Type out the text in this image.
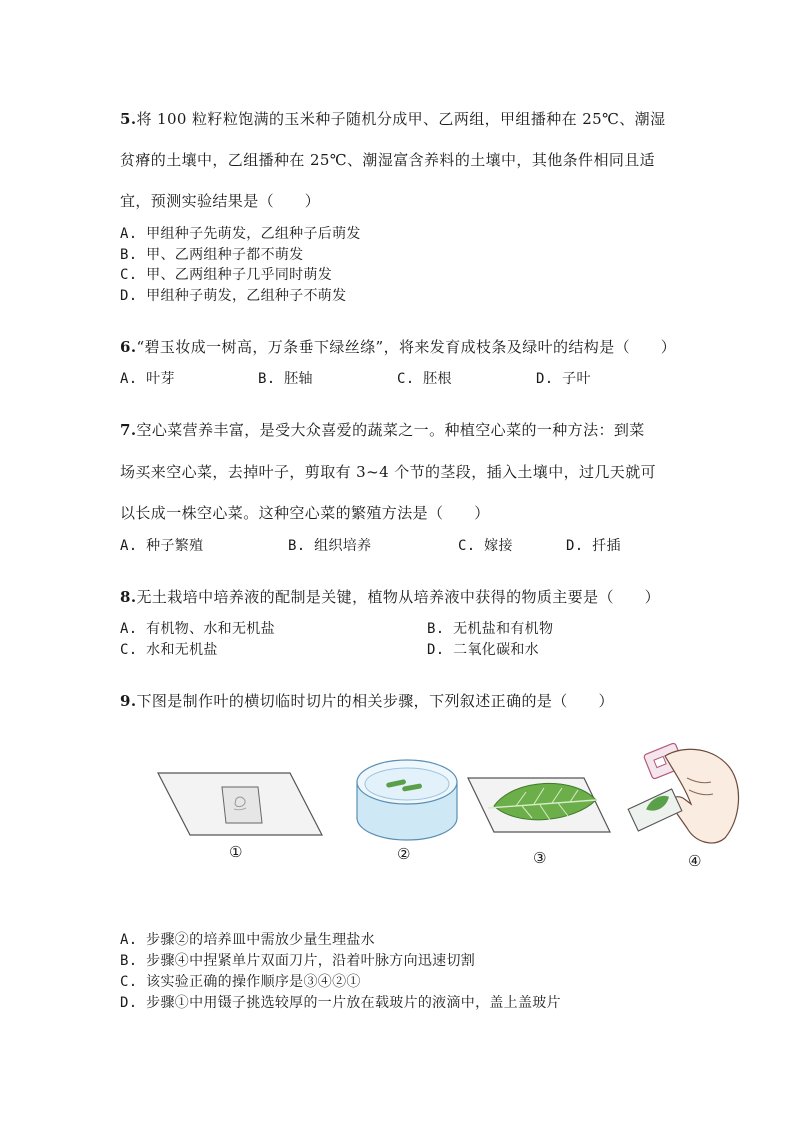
5.将 100 粒籽粒饱满的玉米种子随机分成甲、乙两组，甲组播种在 25℃、潮湿
贫瘠的土壤中，乙组播种在 25℃、潮湿富含养料的土壤中，其他条件相同且适
宜，预测实验结果是（　　）
A. 甲组种子先萌发，乙组种子后萌发
B. 甲、乙两组种子都不萌发
C. 甲、乙两组种子几乎同时萌发
D. 甲组种子萌发，乙组种子不萌发
6.“碧玉妆成一树高，万条垂下绿丝绦”，将来发育成枝条及绿叶的结构是（　　）
A. 叶芽	B. 胚轴	C. 胚根	D. 子叶
7.空心菜营养丰富，是受大众喜爱的蔬菜之一。种植空心菜的一种方法：到菜
场买来空心菜，去掉叶子，剪取有 3~4 个节的茎段，插入土壤中，过几天就可
以长成一株空心菜。这种空心菜的繁殖方法是（　　）
A. 种子繁殖	B. 组织培养	C. 嫁接	D. 扦插
8.无土栽培中培养液的配制是关键，植物从培养液中获得的物质主要是（　　）
A. 有机物、水和无机盐	B. 无机盐和有机物
C. 水和无机盐	D. 二氧化碳和水
9.下图是制作叶的横切临时切片的相关步骤，下列叙述正确的是（　　）
①	②	③	④
A. 步骤②的培养皿中需放少量生理盐水
B. 步骤④中捏紧单片双面刀片，沿着叶脉方向迅速切割
C. 该实验正确的操作顺序是③④②①
D. 步骤①中用镊子挑选较厚的一片放在载玻片的液滴中，盖上盖玻片
